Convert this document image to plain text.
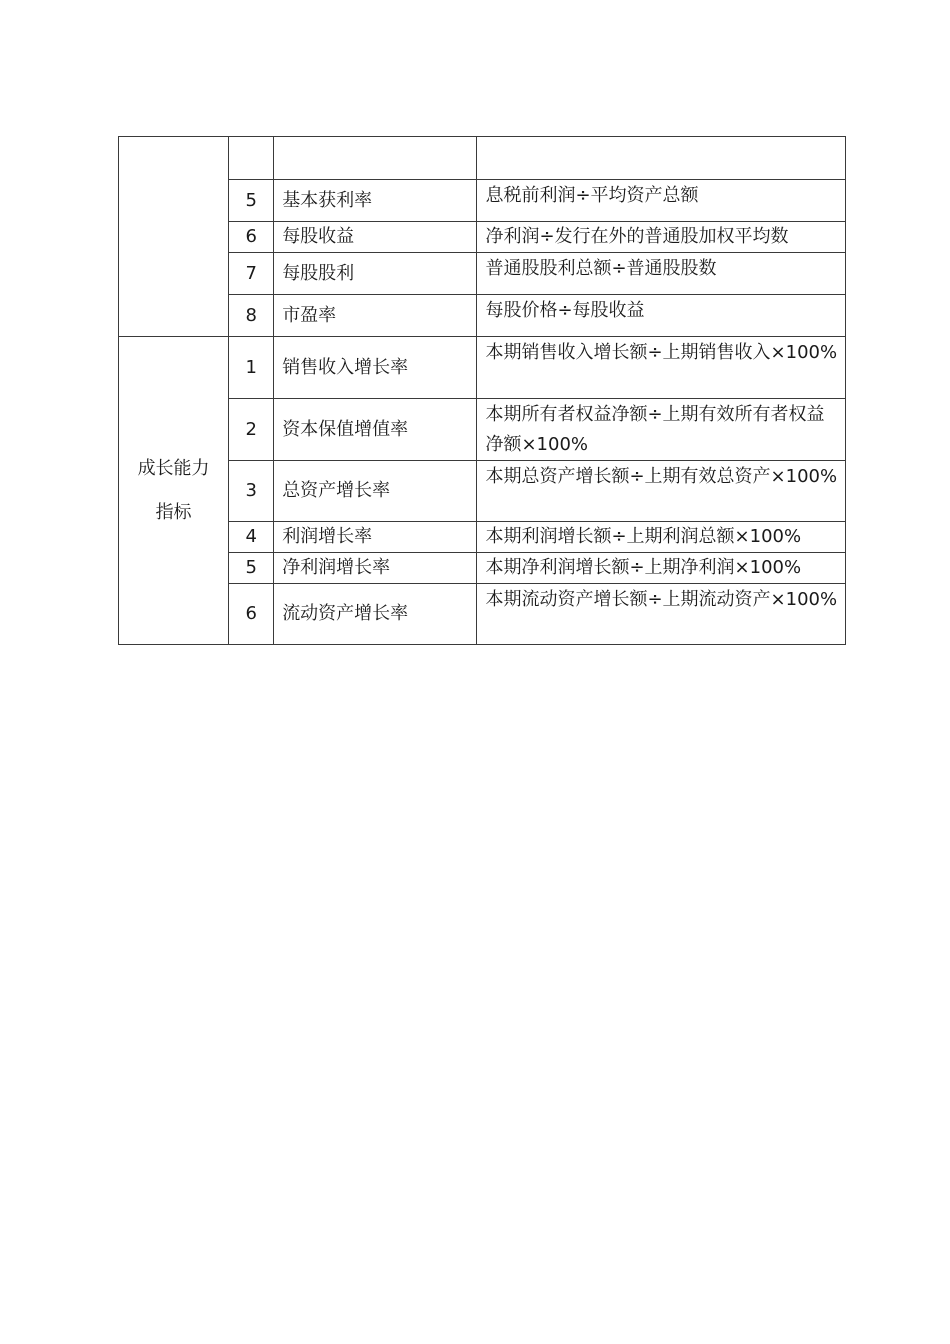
	5	基本获利率	息税前利润÷平均资产总额
	6	每股收益	净利润÷发行在外的普通股加权平均数
	7	每股股利	普通股股利总额÷普通股股数
	8	市盈率	每股价格÷每股收益

成长能力
指标	1	销售收入增长率	本期销售收入增长额÷上期销售收入×100%
	2	资本保值增值率	本期所有者权益净额÷上期有效所有者权益净额×100%
	3	总资产增长率	本期总资产增长额÷上期有效总资产×100%
	4	利润增长率	本期利润增长额÷上期利润总额×100%
	5	净利润增长率	本期净利润增长额÷上期净利润×100%
	6	流动资产增长率	本期流动资产增长额÷上期流动资产×100%
